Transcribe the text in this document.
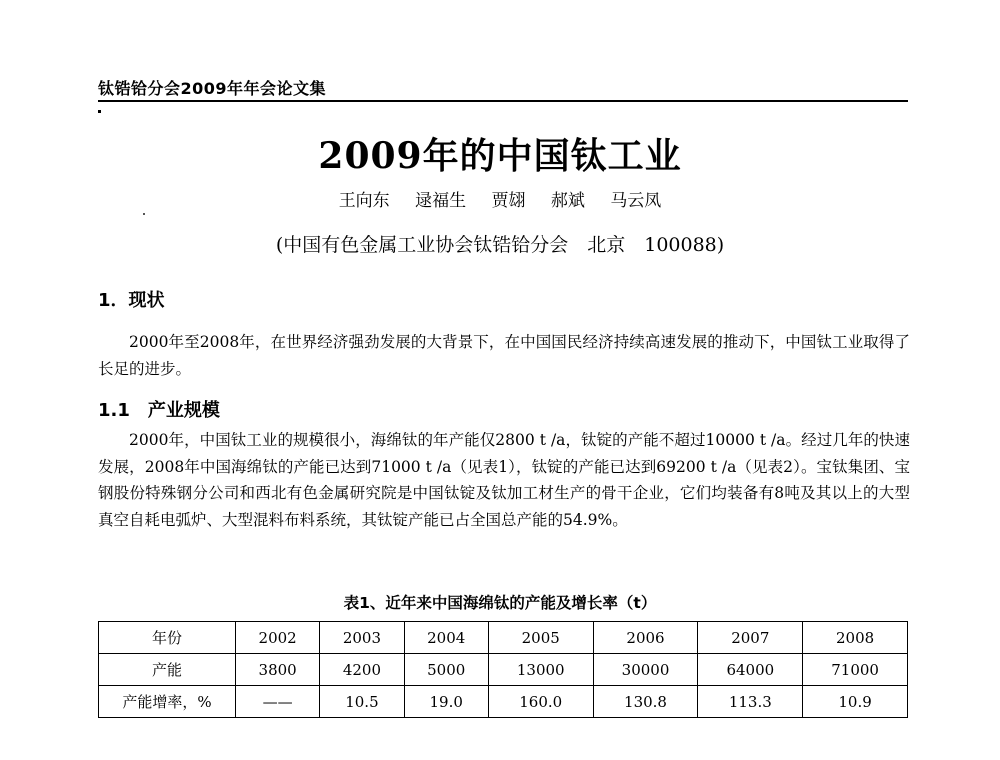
钛锆铪分会2009年年会论文集
2009年的中国钛工业
王向东 逯福生 贾翃 郝斌 马云凤
(中国有色金属工业协会钛锆铪分会　北京　100088)
1．现状

2000年至2008年，在世界经济强劲发展的大背景下，在中国国民经济持续高速发展的推动下，中国钛工业取得了长足的进步。

1.1　产业规模

2000年，中国钛工业的规模很小，海绵钛的年产能仅2800 t /a，钛锭的产能不超过10000 t /a。经过几年的快速发展，2008年中国海绵钛的产能已达到71000 t /a（见表1），钛锭的产能已达到69200 t /a（见表2）。宝钛集团、宝钢股份特殊钢分公司和西北有色金属研究院是中国钛锭及钛加工材生产的骨干企业，它们均装备有8吨及其以上的大型真空自耗电弧炉、大型混料布料系统，其钛锭产能已占全国总产能的54.9%。

表1、近年来中国海绵钛的产能及增长率（t）
年份	2002	2003	2004	2005	2006	2007	2008
产能	3800	4200	5000	13000	30000	64000	71000
产能增率，%	——	10.5	19.0	160.0	130.8	113.3	10.9
